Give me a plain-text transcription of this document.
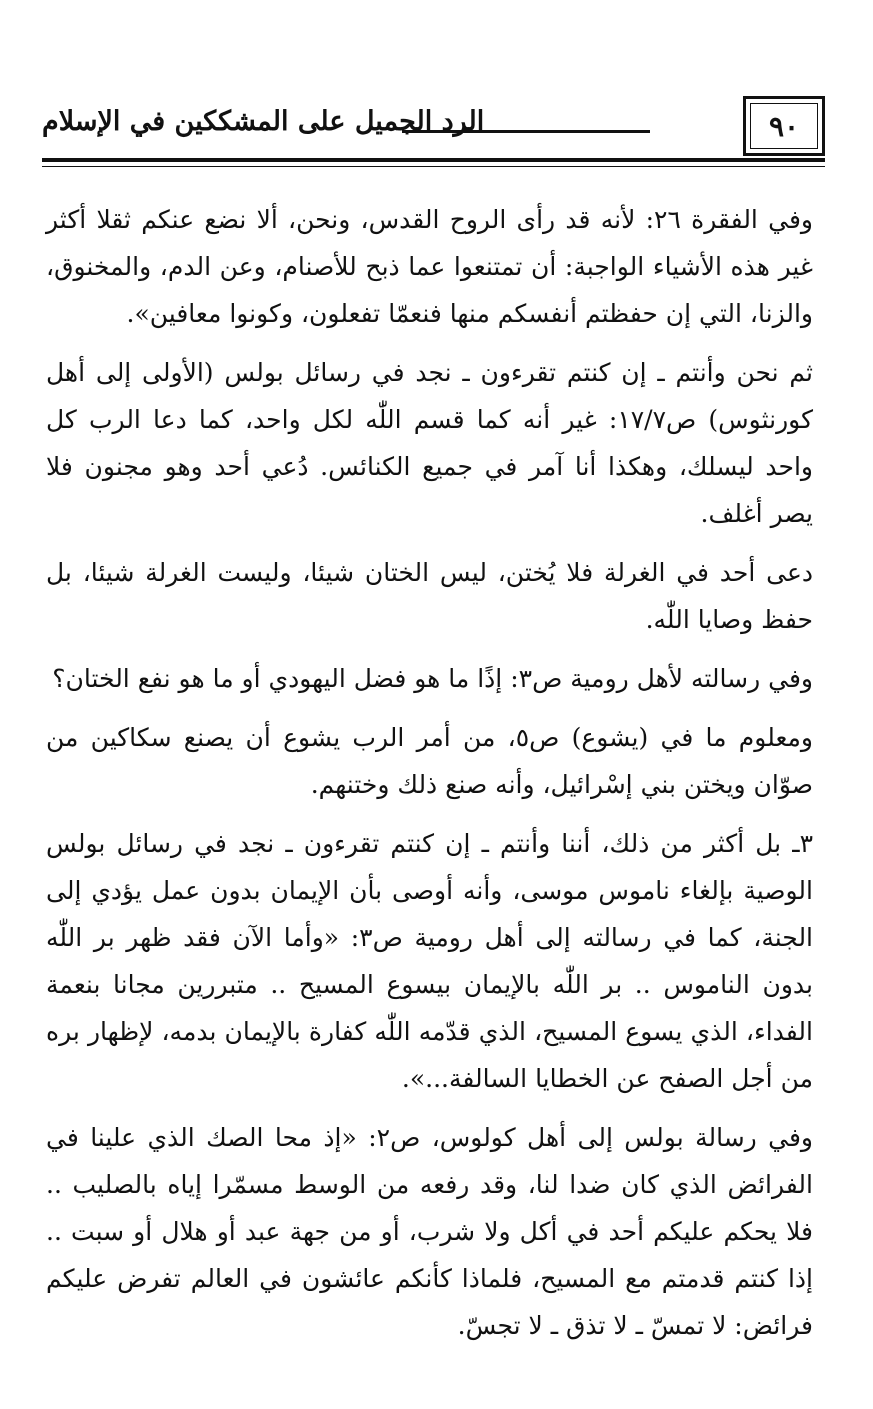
٩٠
الرد الجميل على المشككين في الإسلام

وفي الفقرة ٢٦: لأنه قد رأى الروح القدس، ونحن، ألا نضع عنكم ثقلا أكثر غير هذه الأشياء الواجبة: أن تمتنعوا عما ذبح للأصنام، وعن الدم، والمخنوق، والزنا، التي إن حفظتم أنفسكم منها فنعمّا تفعلون، وكونوا معافين».

ثم نحن وأنتم ـ إن كنتم تقرءون ـ نجد في رسائل بولس (الأولى إلى أهل كورنثوس) ص١٧/٧: غير أنه كما قسم اللّٰه لكل واحد، كما دعا الرب كل واحد ليسلك، وهكذا أنا آمر في جميع الكنائس. دُعي أحد وهو مجنون فلا يصر أغلف.

دعى أحد في الغرلة فلا يُختن، ليس الختان شيئا، وليست الغرلة شيئا، بل حفظ وصايا اللّٰه.

وفي رسالته لأهل رومية ص٣: إذًا ما هو فضل اليهودي أو ما هو نفع الختان؟

ومعلوم ما في (يشوع) ص٥، من أمر الرب يشوع أن يصنع سكاكين من صوّان ويختن بني إسْرائيل، وأنه صنع ذلك وختنهم.

٣ـ بل أكثر من ذلك، أننا وأنتم ـ إن كنتم تقرءون ـ نجد في رسائل بولس الوصية بإلغاء ناموس موسى، وأنه أوصى بأن الإيمان بدون عمل يؤدي إلى الجنة، كما في رسالته إلى أهل رومية ص٣: «وأما الآن فقد ظهر بر اللّٰه بدون الناموس .. بر اللّٰه بالإيمان بيسوع المسيح .. متبررين مجانا بنعمة الفداء، الذي يسوع المسيح، الذي قدّمه اللّٰه كفارة بالإيمان بدمه، لإظهار بره من أجل الصفح عن الخطايا السالفة...».

وفي رسالة بولس إلى أهل كولوس، ص٢: «إذ محا الصك الذي علينا في الفرائض الذي كان ضدا لنا، وقد رفعه من الوسط مسمّرا إياه بالصليب .. فلا يحكم عليكم أحد في أكل ولا شرب، أو من جهة عبد أو هلال أو سبت .. إذا كنتم قدمتم مع المسيح، فلماذا كأنكم عائشون في العالم تفرض عليكم فرائض: لا تمسّ ـ لا تذق ـ لا تجسّ.
